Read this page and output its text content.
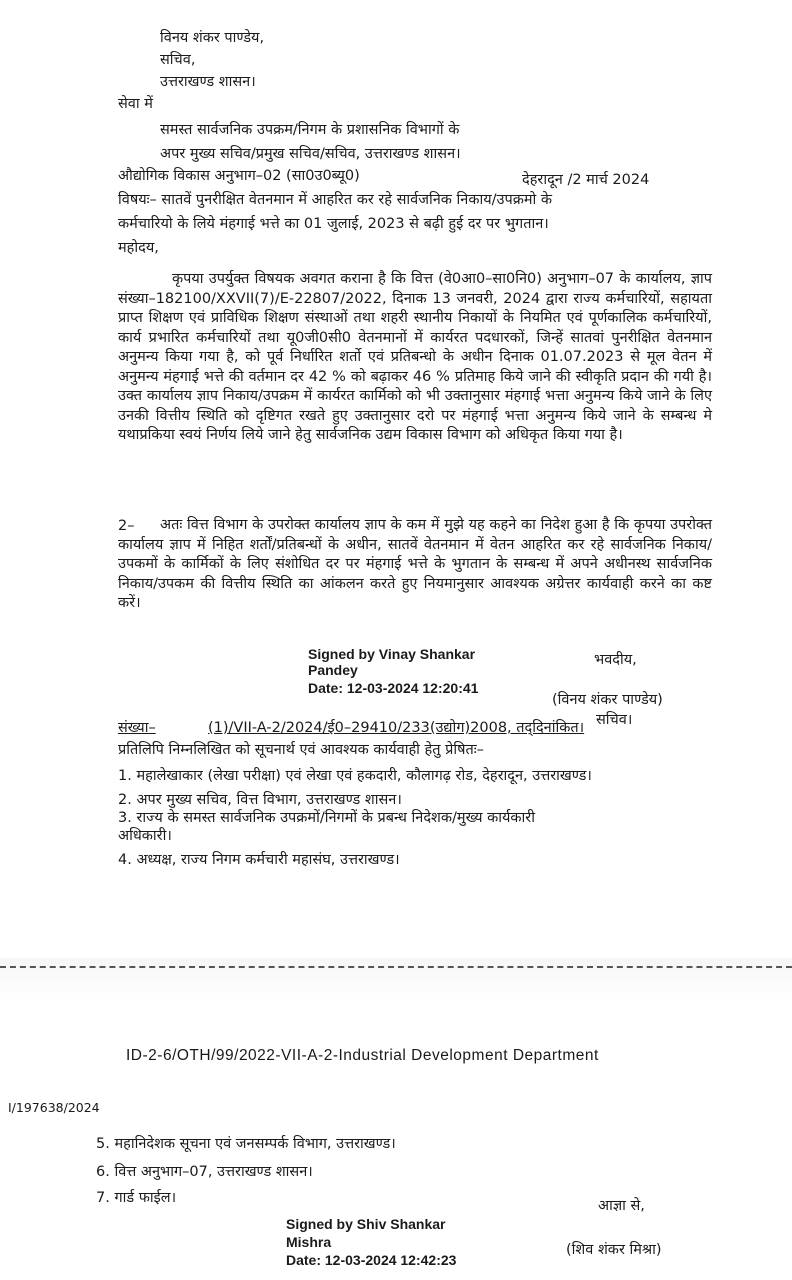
विनय शंकर पाण्डेय,
सचिव,
उत्तराखण्ड शासन।
सेवा में
समस्त सार्वजनिक उपक्रम/निगम के प्रशासनिक विभागों के
अपर मुख्य सचिव/प्रमुख सचिव/सचिव, उत्तराखण्ड शासन।
औद्योगिक विकास अनुभाग–02 (सा0उ0ब्यू0)	देहरादून /2 मार्च 2024
विषयः– सातवें पुनरीक्षित वेतनमान में आहरित कर रहे सार्वजनिक निकाय/उपक्रमो के
कर्मचारियो के लिये मंहगाई भत्ते का 01 जुलाई, 2023 से बढ़ी हुई दर पर भुगतान।
महोदय,

कृपया उपर्युक्त विषयक अवगत कराना है कि वित्त (वे0आ0–सा0नि0) अनुभाग–07 के कार्यालय, ज्ञाप संख्या–182100/XXVII(7)/E-22807/2022, दिनाक 13 जनवरी, 2024 द्वारा राज्य कर्मचारियों, सहायता प्राप्त शिक्षण एवं प्राविधिक शिक्षण संस्थाओं तथा शहरी स्थानीय निकायों के नियमित एवं पूर्णकालिक कर्मचारियों, कार्य प्रभारित कर्मचारियों तथा यू0जी0सी0 वेतनमानों में कार्यरत पदधारकों, जिन्हें सातवां पुनरीक्षित वेतनमान अनुमन्य किया गया है, को पूर्व निर्धारित शर्तो एवं प्रतिबन्धो के अधीन दिनाक 01.07.2023 से मूल वेतन में अनुमन्य मंहगाई भत्ते की वर्तमान दर 42 % को बढ़ाकर 46 % प्रतिमाह किये जाने की स्वीकृति प्रदान की गयी है। उक्त कार्यालय ज्ञाप निकाय/उपक्रम में कार्यरत कार्मिको को भी उक्तानुसार मंहगाई भत्ता अनुमन्य किये जाने के लिए उनकी वित्तीय स्थिति को दृष्टिगत रखते हुए उक्तानुसार दरो पर मंहगाई भत्ता अनुमन्य किये जाने के सम्बन्ध मे यथाप्रकिया स्वयं निर्णय लिये जाने हेतु सार्वजनिक उद्यम विकास विभाग को अधिकृत किया गया है।

2–	अतः वित्त विभाग के उपरोक्त कार्यालय ज्ञाप के कम में मुझे यह कहने का निदेश हुआ है कि कृपया उपरोक्त कार्यालय ज्ञाप में निहित शर्तों/प्रतिबन्धों के अधीन, सातवें वेतनमान में वेतन आहरित कर रहे सार्वजनिक निकाय/उपकमों के कार्मिकों के लिए संशोधित दर पर मंहगाई भत्ते के भुगतान के सम्बन्ध में अपने अधीनस्थ सार्वजनिक निकाय/उपकम की वित्तीय स्थिति का आंकलन करते हुए नियमानुसार आवश्यक अग्रेत्तर कार्यवाही करने का कष्ट करें।

Signed by Vinay Shankar
Pandey
Date: 12-03-2024 12:20:41
भवदीय,
(विनय शंकर पाण्डेय)
सचिव।
संख्या–	(1)/VII-A-2/2024/ई0–29410/233(उद्योग)2008, तद्‌दिनांकित।
प्रतिलिपि निम्नलिखित को सूचनार्थ एवं आवश्यक कार्यवाही हेतु प्रेषितः–
1. महालेखाकार (लेखा परीक्षा) एवं लेखा एवं हकदारी, कौलागढ़ रोड, देहरादून, उत्तराखण्ड।
2. अपर मुख्य सचिव, वित्त विभाग, उत्तराखण्ड शासन।
3. राज्य के समस्त सार्वजनिक उपक्रमों/निगमों के प्रबन्ध निदेशक/मुख्य कार्यकारी
अधिकारी।
4. अध्यक्ष, राज्य निगम कर्मचारी महासंघ, उत्तराखण्ड।
ID-2-6/OTH/99/2022-VII-A-2-Industrial Development Department
I/197638/2024
5. महानिदेशक सूचना एवं जनसम्पर्क विभाग, उत्तराखण्ड।
6. वित्त अनुभाग–07, उत्तराखण्ड शासन।
7. गार्ड फाईल।	आज्ञा से,
Signed by Shiv Shankar
Mishra
Date: 12-03-2024 12:42:23
(शिव शंकर मिश्रा)
